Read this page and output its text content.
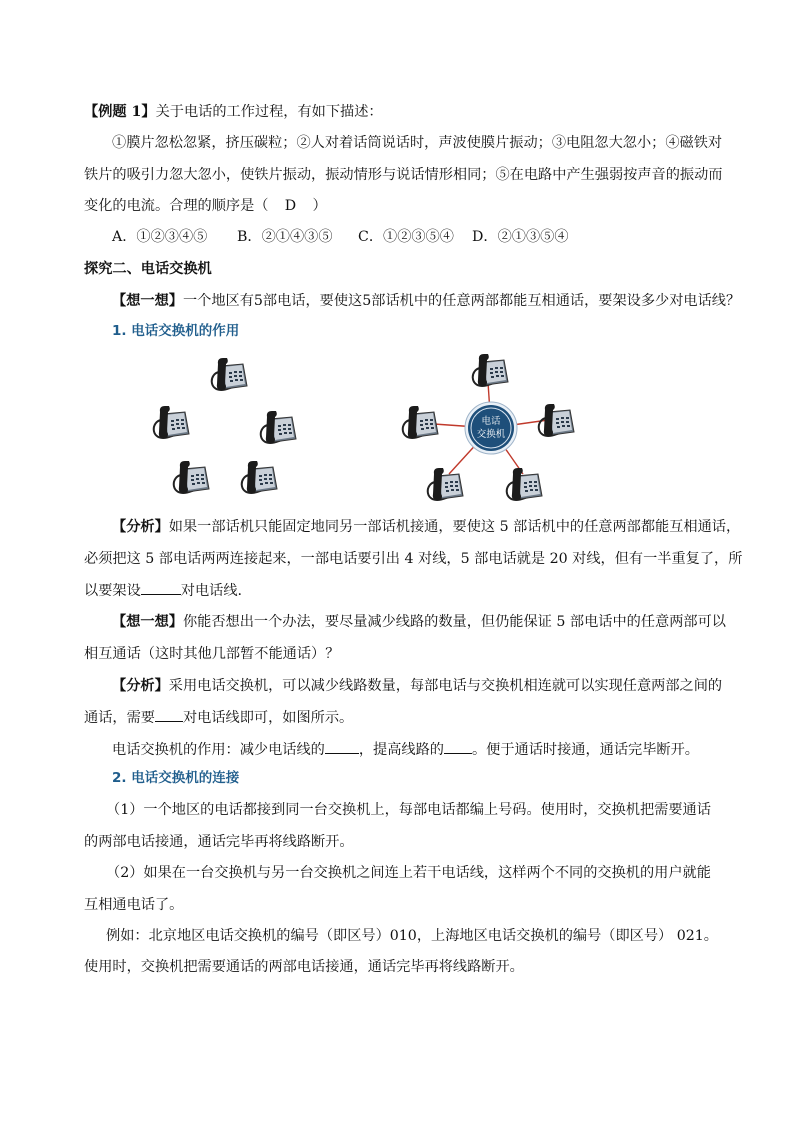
【例题 1】关于电话的工作过程，有如下描述：
①膜片忽松忽紧，挤压碳粒；②人对着话筒说话时，声波使膜片振动；③电阻忽大忽小；④磁铁对
铁片的吸引力忽大忽小，使铁片振动，振动情形与说话情形相同；⑤在电路中产生强弱按声音的振动而
变化的电流。合理的顺序是（ D ）
A．①②③④⑤	B．②①④③⑤	C．①②③⑤④	D．②①③⑤④
探究二、电话交换机
【想一想】一个地区有5部电话，要使这5部话机中的任意两部都能互相通话，要架设多少对电话线？
1. 电话交换机的作用
电话
交换机
【分析】如果一部话机只能固定地同另一部话机接通，要使这 5 部话机中的任意两部都能互相通话，
必须把这 5 部电话两两连接起来，一部电话要引出 4 对线，5 部电话就是 20 对线，但有一半重复了，所
以要架设	对电话线.
【想一想】你能否想出一个办法，要尽量减少线路的数量，但仍能保证 5 部电话中的任意两部可以
相互通话（这时其他几部暂不能通话）？
【分析】采用电话交换机，可以减少线路数量，每部电话与交换机相连就可以实现任意两部之间的
通话，需要 对电话线即可，如图所示。
电话交换机的作用：减少电话线的 ，提高线路的 。便于通话时接通，通话完毕断开。
2. 电话交换机的连接
（1）一个地区的电话都接到同一台交换机上，每部电话都编上号码。使用时，交换机把需要通话
的两部电话接通，通话完毕再将线路断开。
（2）如果在一台交换机与另一台交换机之间连上若干电话线，这样两个不同的交换机的用户就能
互相通电话了。
例如：北京地区电话交换机的编号（即区号）010，上海地区电话交换机的编号（即区号） 021。
使用时，交换机把需要通话的两部电话接通，通话完毕再将线路断开。
